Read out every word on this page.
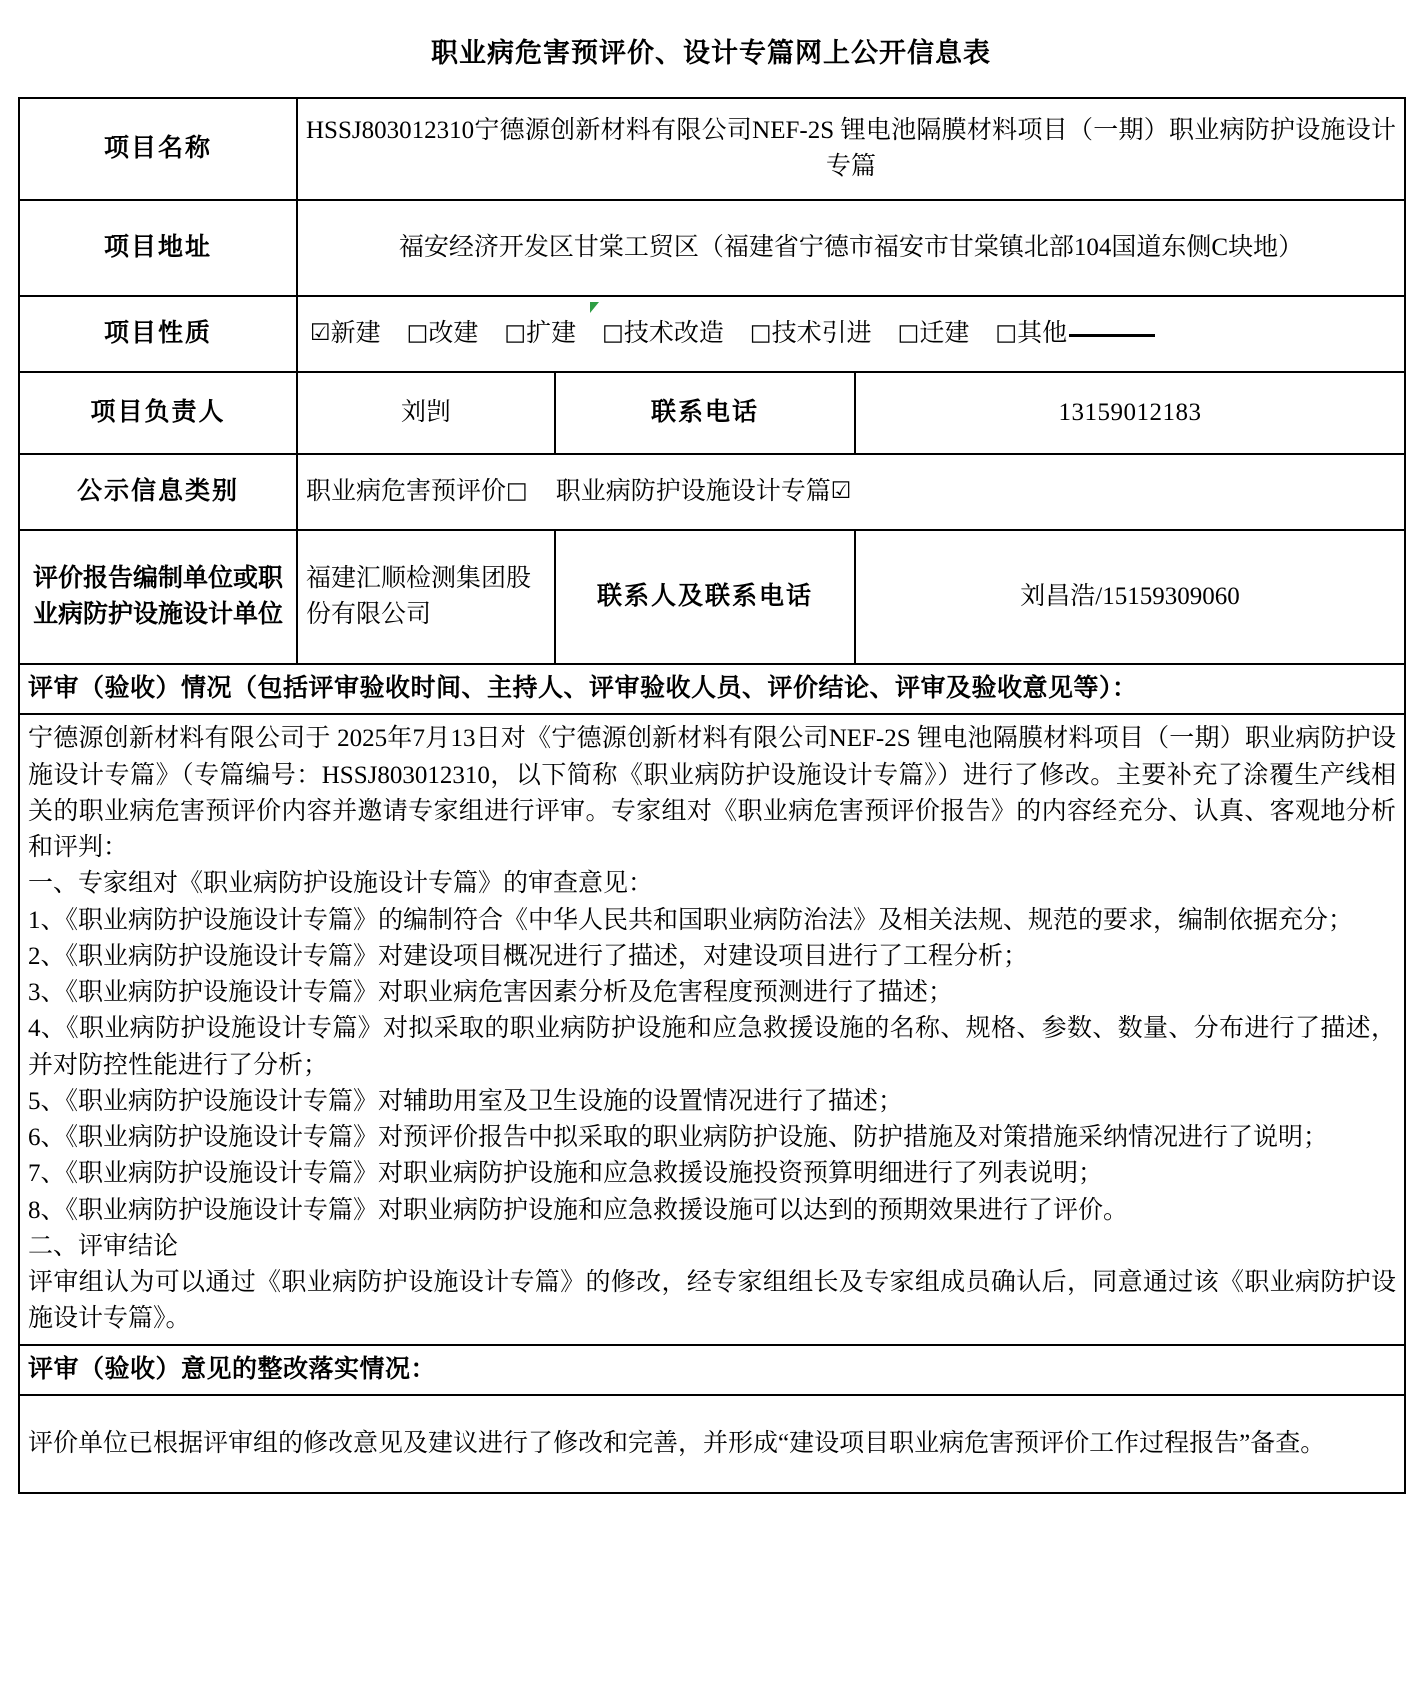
职业病危害预评价、设计专篇网上公开信息表
项目名称	HSSJ803012310宁德源创新材料有限公司NEF-2S 锂电池隔膜材料项目（一期）职业病防护设施设计专篇		
项目地址	福安经济开发区甘棠工贸区（福建省宁德市福安市甘棠镇北部104国道东侧C块地）		
项目性质	☑新建 □改建 □扩建 □技术改造 □技术引进 □迁建 □其他		

项目负责人	刘剀	联系电话	13159012183
公示信息类别	职业病危害预评价□ 职业病防护设施设计专篇☑		

评价报告编制单位或职业病防护设施设计单位	福建汇顺检测集团股份有限公司	联系人及联系电话	刘昌浩/15159309060
评审（验收）情况（包括评审验收时间、主持人、评审验收人员、评价结论、评审及验收意见等）：			

宁德源创新材料有限公司于 2025年7月13日对《宁德源创新材料有限公司NEF-2S 锂电池隔膜材料项目（一期）职业病防护设施设计专篇》（专篇编号：HSSJ803012310，以下简称《职业病防护设施设计专篇》）进行了修改。主要补充了涂覆生产线相关的职业病危害预评价内容并邀请专家组进行评审。专家组对《职业病危害预评价报告》的内容经充分、认真、客观地分析和评判：

一、专家组对《职业病防护设施设计专篇》的审查意见：

1、《职业病防护设施设计专篇》的编制符合《中华人民共和国职业病防治法》及相关法规、规范的要求，编制依据充分；

2、《职业病防护设施设计专篇》对建设项目概况进行了描述，对建设项目进行了工程分析；

3、《职业病防护设施设计专篇》对职业病危害因素分析及危害程度预测进行了描述；

4、《职业病防护设施设计专篇》对拟采取的职业病防护设施和应急救援设施的名称、规格、参数、数量、分布进行了描述，并对防控性能进行了分析；

5、《职业病防护设施设计专篇》对辅助用室及卫生设施的设置情况进行了描述；

6、《职业病防护设施设计专篇》对预评价报告中拟采取的职业病防护设施、防护措施及对策措施采纳情况进行了说明；

7、《职业病防护设施设计专篇》对职业病防护设施和应急救援设施投资预算明细进行了列表说明；

8、《职业病防护设施设计专篇》对职业病防护设施和应急救援设施可以达到的预期效果进行了评价。

二、评审结论

评审组认为可以通过《职业病防护设施设计专篇》的修改，经专家组组长及专家组成员确认后，同意通过该《职业病防护设施设计专篇》。

评审（验收）意见的整改落实情况：			
评价单位已根据评审组的修改意见及建议进行了修改和完善，并形成“建设项目职业病危害预评价工作过程报告”备查。			
